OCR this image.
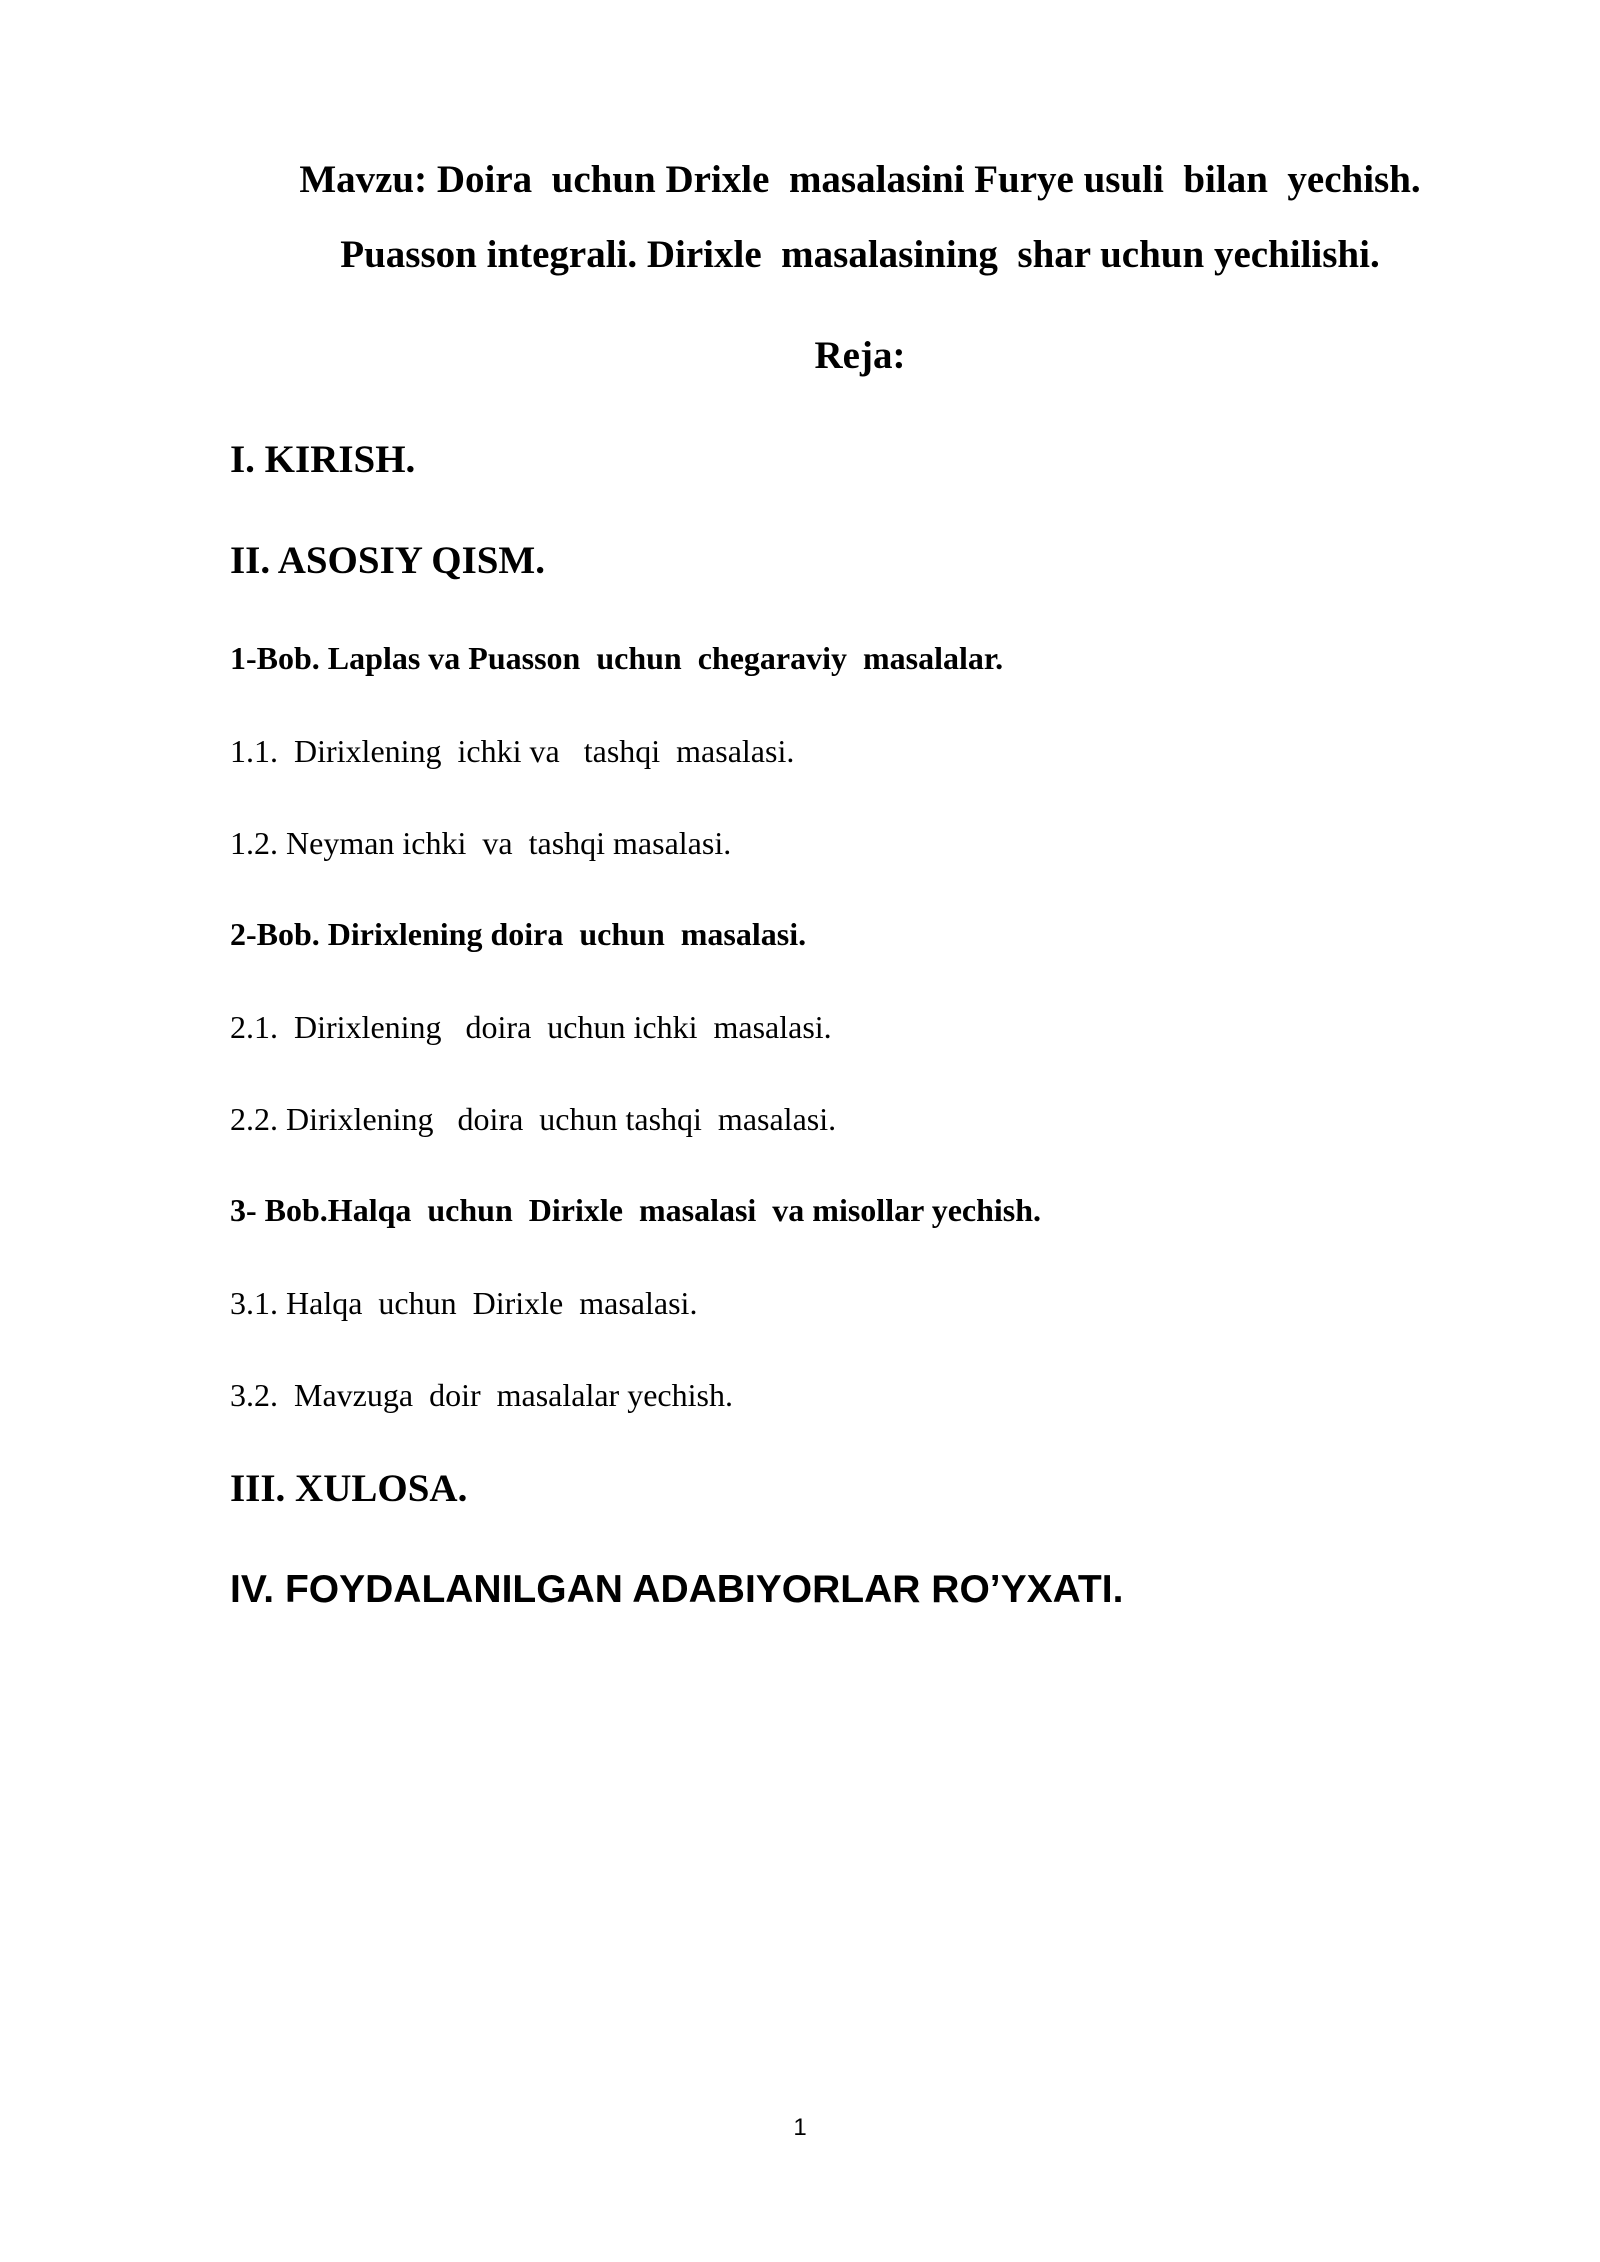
Mavzu: Doira  uchun Drixle  masalasini Furye usuli  bilan  yechish.
Puasson integrali. Dirixle  masalasining  shar uchun yechilishi.
Reja:
I. KIRISH.
II. ASOSIY QISM.
1-Bob. Laplas va Puasson  uchun  chegaraviy  masalalar.
1.1.  Dirixlening  ichki va   tashqi  masalasi.
1.2. Neyman ichki  va  tashqi masalasi.
2-Bob. Dirixlening doira  uchun  masalasi.
2.1.  Dirixlening   doira  uchun ichki  masalasi.
2.2. Dirixlening   doira  uchun tashqi  masalasi.
3- Bob.Halqa  uchun  Dirixle  masalasi  va misollar yechish.
3.1. Halqa  uchun  Dirixle  masalasi.
3.2.  Mavzuga  doir  masalalar yechish.
III. XULOSA.
IV. FOYDALANILGAN ADABIYORLAR RO’YXATI.
1
